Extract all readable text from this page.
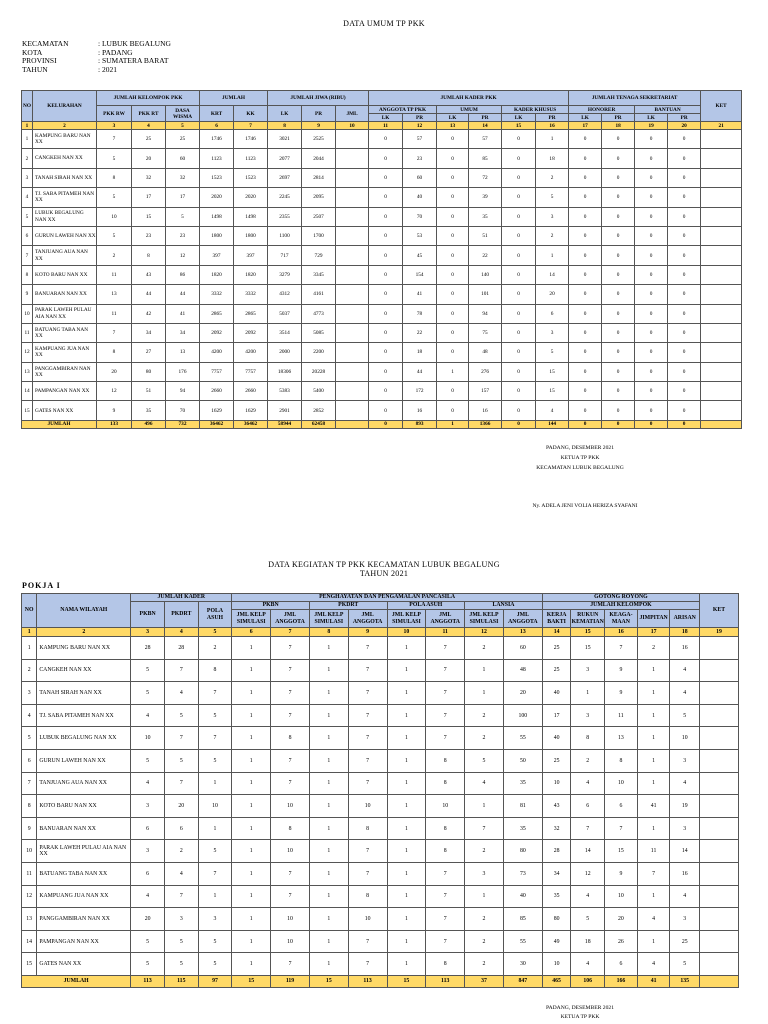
DATA UMUM TP PKK
KECAMATAN	: LUBUK BEGALUNG
KOTA	: PADANG
PROVINSI	: SUMATERA BARAT
TAHUN	: 2021
NO	KELURAHAN	JUMLAH KELOMPOK PKK			JUMLAH		JUMLAH JIWA (RIBU)			JUMLAH KADER PKK						JUMLAH TENAGA SEKRETARIAT				KET
		PKK RW	PKK RT	DASA WISMA	KRT	KK	LK	PR	JML	ANGGOTA TP PKK		UMUM		KADER KHUSUS		HONORER		BANTUAN		
										LK	PR	LK	PR	LK	PR	LK	PR	LK	PR	
1	2	3	4	5	6	7	8	9	10	11	12	13	14	15	16	17	18	19	20	21
1	KAMPUNG BARU NAN XX	7	25	25	1746	1746	3021	2525		0	57	0	57	0	1	0	0	0	0	
2	CANGKEH NAN XX	5	20	60	1123	1123	2077	2044		0	23	0	85	0	18	0	0	0	0	
3	TANAH SIRAH NAN XX	8	32	32	1523	1523	2697	2814		0	60	0	72	0	2	0	0	0	0	
4	TJ. SABA PITAMEH NAN XX	5	17	17	2020	2020	2245	2095		0	40	0	39	0	5	0	0	0	0	
5	LUBUK BEGALUNG NAN XX	10	15	5	1498	1498	2355	2507		0	70	0	35	0	3	0	0	0	0	
6	GURUN LAWEH NAN XX	5	23	23	1800	1800	1100	1700		0	53	0	51	0	2	0	0	0	0	
7	TANJUANG AUA NAN XX	2	8	12	397	397	717	729		0	45	0	22	0	1	0	0	0	0	
8	KOTO BARU NAN XX	11	43	86	1820	1820	3279	3345		0	154	0	140	0	14	0	0	0	0	
9	BANUARAN NAN XX	13	44	44	3332	3332	4312	4161		0	41	0	101	0	20	0	0	0	0	
10	PARAK LAWEH PULAU AIA NAN XX	11	42	41	2865	2865	5037	4773		0	78	0	94	0	6	0	0	0	0	
11	BATUANG TABA NAN XX	7	34	34	2092	2092	3514	5085		0	22	0	75	0	3	0	0	0	0	
12	KAMPUANG JUA NAN XX	8	27	13	4200	4200	2000	2200		0	18	0	48	0	5	0	0	0	0	
13	PANGGAMBIRAN NAN XX	20	80	176	7757	7757	18306	20228		0	44	1	276	0	15	0	0	0	0	
14	PAMPANGAN NAN XX	12	51	94	2660	2660	5383	5400		0	172	0	157	0	15	0	0	0	0	
15	GATES NAN XX	9	35	70	1629	1629	2901	2852		0	16	0	16	0	4	0	0	0	0	
JUMLAH		133	496	732	36462	36462	58944	62458		0	893	1	1366	0	144	0	0	0	0	
PADANG, DESEMBER 2021
KETUA TP PKK
KECAMATAN LUBUK BEGALUNG
Ny. ADELA JENI VOLIA HERIZA SYAFANI
DATA KEGIATAN TP PKK KECAMATAN LUBUK BEGALUNG
TAHUN 2021
POKJA I
NO	NAMA WILAYAH	JUMLAH KADER			PENGHAYATAN DAN PENGAMALAN PANCASILA								GOTONG ROYONG					KET
		PKBN	PKDRT	POLA ASUH	PKBN		PKDRT		POLA ASUH		LANSIA		JUMLAH KELOMPOK					
					JML KELP SIMULASI	JML ANGGOTA	JML KELP SIMULASI	JML ANGGOTA	JML KELP SIMULASI	JML ANGGOTA	JML KELP SIMULASI	JML ANGGOTA	KERJA BAKTI	RUKUN KEMATIAN	KEAGA-MAAN	JIMPITAN	ARISAN	

1	2	3	4	5	6	7	8	9	10	11	12	13	14	15	16	17	18	19
1	KAMPUNG BARU NAN XX	28	28	2	1	7	1	7	1	7	2	60	25	15	7	2	16	
2	CANGKEH NAN XX	5	7	8	1	7	1	7	1	7	1	48	25	3	9	1	4	
3	TANAH SIRAH NAN XX	5	4	7	1	7	1	7	1	7	1	20	40	1	9	1	4	
4	TJ. SABA PITAMEH NAN XX	4	5	5	1	7	1	7	1	7	2	100	17	3	11	1	5	
5	LUBUK BEGALUNG NAN XX	10	7	7	1	8	1	7	1	7	2	55	40	8	13	1	10	
6	GURUN LAWEH NAN XX	5	5	5	1	7	1	7	1	8	5	50	25	2	8	1	3	
7	TANJUANG AUA NAN XX	4	7	1	1	7	1	7	1	8	4	35	10	4	10	1	4	
8	KOTO BARU NAN XX	3	20	10	1	10	1	10	1	10	1	81	43	6	6	41	19	
9	BANUARAN NAN XX	6	6	1	1	8	1	8	1	8	7	35	32	7	7	1	3	
10	PARAK LAWEH PULAU AIA NAN XX	3	2	5	1	10	1	7	1	8	2	80	28	14	15	11	14	
11	BATUANG TABA NAN XX	6	4	7	1	7	1	7	1	7	3	73	34	12	9	7	16	
12	KAMPUANG JUA NAN XX	4	7	1	1	7	1	8	1	7	1	40	35	4	10	1	4	
13	PANGGAMBIRAN NAN XX	20	3	3	1	10	1	10	1	7	2	85	80	5	20	4	3	
14	PAMPANGAN NAN XX	5	5	5	1	10	1	7	1	7	2	55	49	18	26	1	25	
15	GATES NAN XX	5	5	5	1	7	1	7	1	8	2	30	10	4	6	4	5	
JUMLAH		113	115	97	15	119	15	113	15	113	37	847	465	106	166	41	135	
PADANG, DESEMBER 2021
KETUA TP PKK
